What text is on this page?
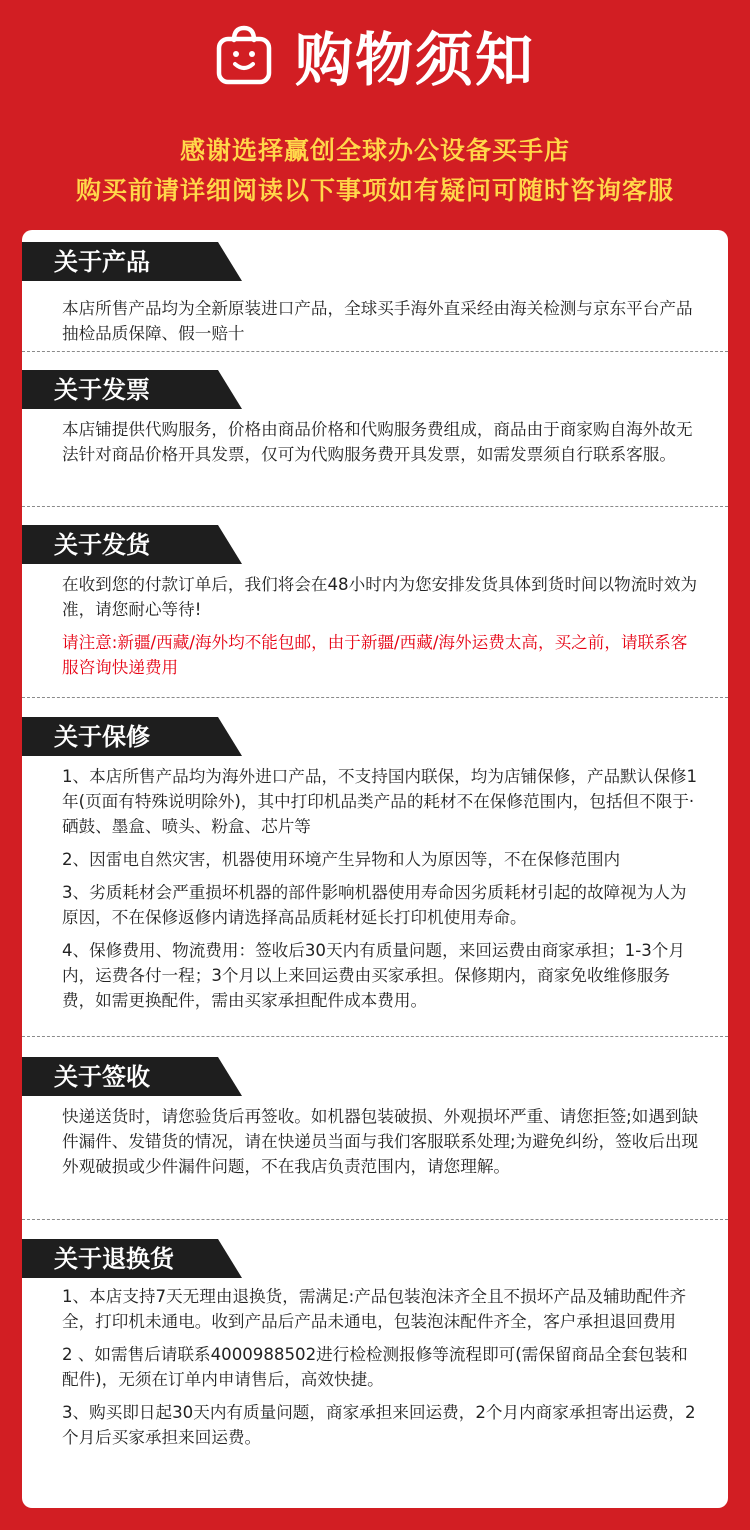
购物须知
感谢选择赢创全球办公设备买手店
购买前请详细阅读以下事项如有疑问可随时咨询客服
关于产品

本店所售产品均为全新原装进口产品，全球买手海外直采经由海关检测与京东平台产品抽检品质保障、假一赔十

关于发票

本店铺提供代购服务，价格由商品价格和代购服务费组成，商品由于商家购自海外故无法针对商品价格开具发票，仅可为代购服务费开具发票，如需发票须自行联系客服。

关于发货

在收到您的付款订单后，我们将会在48小时内为您安排发货具体到货时间以物流时效为准，请您耐心等待!

请注意:新疆/西藏/海外均不能包邮，由于新疆/西藏/海外运费太高，买之前，请联系客服咨询快递费用

关于保修

1、本店所售产品均为海外进口产品，不支持国内联保，均为店铺保修，产品默认保修1年(页面有特殊说明除外)，其中打印机品类产品的耗材不在保修范围内，包括但不限于·硒鼓、墨盒、喷头、粉盒、芯片等

2、因雷电自然灾害，机器使用环境产生异物和人为原因等，不在保修范围内

3、劣质耗材会严重损坏机器的部件影响机器使用寿命因劣质耗材引起的故障视为人为原因，不在保修返修内请选择高品质耗材延长打印机使用寿命。

4、保修费用、物流费用：签收后30天内有质量问题，来回运费由商家承担；1-3个月内，运费各付一程；3个月以上来回运费由买家承担。保修期内，商家免收维修服务费，如需更换配件，需由买家承担配件成本费用。

关于签收

快递送货时，请您验货后再签收。如机器包装破损、外观损坏严重、请您拒签;如遇到缺件漏件、发错货的情况，请在快递员当面与我们客服联系处理;为避免纠纷，签收后出现外观破损或少件漏件问题，不在我店负责范围内，请您理解。

关于退换货

1、本店支持7天无理由退换货，需满足:产品包装泡沫齐全且不损坏产品及辅助配件齐全，打印机未通电。收到产品后产品未通电，包装泡沫配件齐全，客户承担退回费用

2 、如需售后请联系4000988502进行检检测报修等流程即可(需保留商品全套包装和配件)，无须在订单内申请售后，高效快捷。

3、购买即日起30天内有质量问题，商家承担来回运费，2个月内商家承担寄出运费，2个月后买家承担来回运费。
